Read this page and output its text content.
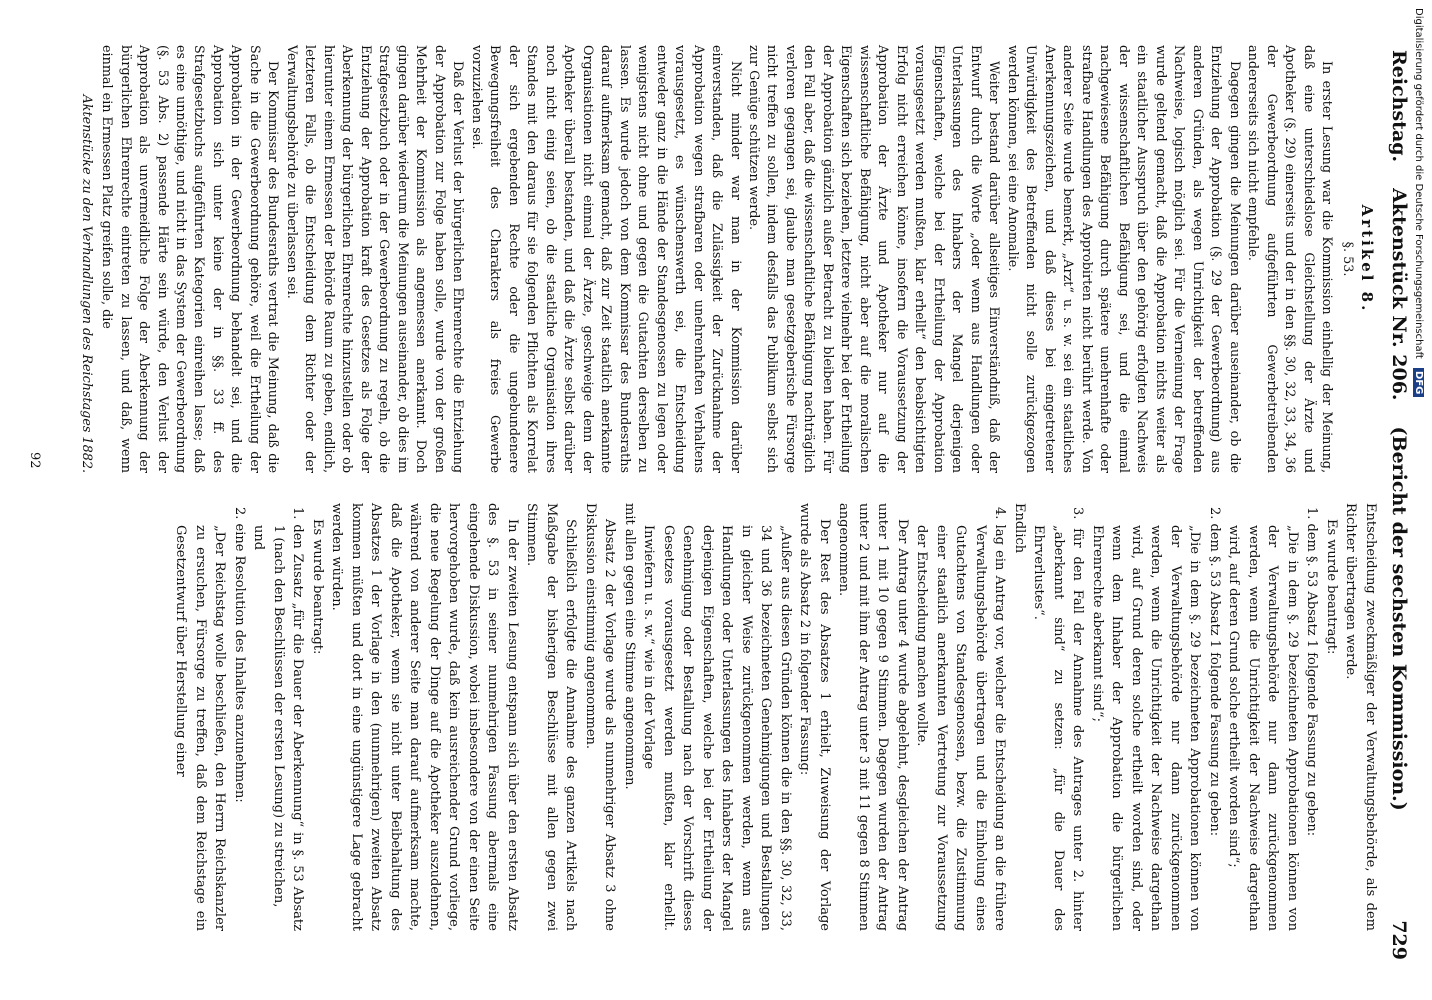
Digitalisierung gefördert durch die Deutsche Forschungsgemeinschaft DFG
Reichstag.
Aktenstück Nr. 206.
(Bericht der sechsten Kommission.)
729
Artikel 8.
§. 53.

In erster Lesung war die Kommission einhellig der Meinung, daß eine unterschiedslose Gleichstellung der Ärzte und Apotheker (§. 29) einerseits und der in den §§. 30, 32, 33, 34, 36 der Gewerbeordnung aufgeführten Gewerbetreibenden andererseits sich nicht empfehle.

Dagegen gingen die Meinungen darüber auseinander, ob die Entziehung der Approbation (§. 29 der Gewerbeordnung) aus anderen Gründen, als wegen Unrichtigkeit der betreffenden Nachweise, logisch möglich sei. Für die Verneinung der Frage wurde geltend gemacht, daß die Approbation nichts weiter als ein staatlicher Ausspruch über den gehörig erfolgten Nachweis der wissenschaftlichen Befähigung sei, und die einmal nachgewiesene Befähigung durch spätere unehrenhafte oder strafbare Handlungen des Approbirten nicht berührt werde. Von anderer Seite wurde bemerkt, „Arzt“ u. s. w. sei ein staatliches Anerkennungszeichen, und daß dieses bei eingetretener Unwürdigkeit des Betreffenden nicht solle zurückgezogen werden können, sei eine Anomalie.

Weiter bestand darüber allseitiges Einverständniß, daß der Entwurf durch die Worte „oder wenn aus Handlungen oder Unterlassungen des Inhabers der Mangel derjenigen Eigenschaften, welche bei der Ertheilung der Approbation vorausgesetzt werden mußten, klar erhellt“ den beabsichtigten Erfolg nicht erreichen könne, insofern die Voraussetzung der Approbation der Ärzte und Apotheker nur auf die wissenschaftliche Befähigung, nicht aber auf die moralischen Eigenschaften sich beziehen, letztere vielmehr bei der Ertheilung der Approbation gänzlich außer Betracht zu bleiben haben. Für den Fall aber, daß die wissenschaftliche Befähigung nachträglich verloren gegangen sei, glaube man gesetzgeberische Fürsorge nicht treffen zu sollen, indem desfalls das Publikum selbst sich zur Genüge schützen werde.

Nicht minder war man in der Kommission darüber einverstanden, daß die Zulässigkeit der Zurücknahme der Approbation wegen strafbaren oder unehrenhaften Verhaltens vorausgesetzt, es wünschenswerth sei, die Entscheidung entweder ganz in die Hände der Standesgenossen zu legen oder wenigstens nicht ohne und gegen die Gutachten derselben zu lassen. Es wurde jedoch von dem Kommissar des Bundesraths darauf aufmerksam gemacht, daß zur Zeit staatlich anerkannte Organisationen nicht einmal der Ärzte, geschweige denn der Apotheker überall bestanden, und daß die Ärzte selbst darüber noch nicht einig seien, ob die staatliche Organisation ihres Standes mit den daraus für sie folgenden Pflichten als Korrelat der sich ergebenden Rechte oder die ungebundenere Bewegungsfreiheit des Charakters als freies Gewerbe vorzuziehen sei.

Daß der Verlust der bürgerlichen Ehrenrechte die Entziehung der Approbation zur Folge haben solle, wurde von der großen Mehrheit der Kommission als angemessen anerkannt. Doch gingen darüber wiederum die Meinungen auseinander, ob dies im Strafgesetzbuch oder in der Gewerbeordnung zu regeln, ob die Entziehung der Approbation kraft des Gesetzes als Folge der Aberkennung der bürgerlichen Ehrenrechte hinzustellen oder ob hierunter einem Ermessen der Behörde Raum zu geben, endlich, letzteren Falls, ob die Entscheidung dem Richter oder der Verwaltungsbehörde zu überlassen sei.

Der Kommissar des Bundesraths vertrat die Meinung, daß die Sache in die Gewerbeordnung gehöre, weil die Ertheilung der Approbation in der Gewerbeordnung behandelt sei, und die Approbation sich unter keine der in §§. 33 ff. des Strafgesetzbuchs aufgeführten Kategorien einreihen lasse; daß es eine unnöthige, und nicht in das System der Gewerbeordnung (§. 53 Abs. 2) passende Härte sein würde, den Verlust der Approbation als unvermeidliche Folge der Aberkennung der bürgerlichen Ehrenrechte eintreten zu lassen, und daß, wenn einmal ein Ermessen Platz greifen solle, die

Aktenstücke zu den Verhandlungen des Reichstages 1882.

Entscheidung zweckmäßiger der Verwaltungsbehörde, als dem Richter übertragen werde.

Es wurde beantragt:

1. dem §. 53 Absatz 1 folgende Fassung zu geben:

„Die in dem §. 29 bezeichneten Approbationen können von der Verwaltungsbehörde nur dann zurückgenommen werden, wenn die Unrichtigkeit der Nachweise dargethan wird, auf deren Grund solche ertheilt worden sind“;

2. dem §. 53 Absatz 1 folgende Fassung zu geben:

„Die in dem §. 29 bezeichneten Approbationen können von der Verwaltungsbehörde nur dann zurückgenommen werden, wenn die Unrichtigkeit der Nachweise dargethan wird, auf Grund deren solche ertheilt worden sind, oder wenn dem Inhaber der Approbation die bürgerlichen Ehrenrechte aberkannt sind“;

3. für den Fall der Annahme des Antrages unter 2. hinter „aberkannt sind“ zu setzen: „für die Dauer des Ehrverlustes“.

Endlich

4. lag ein Antrag vor, welcher die Entscheidung an die frühere Verwaltungsbehörde übertragen und die Einholung eines Gutachtens von Standesgenossen, bezw. die Zustimmung einer staatlich anerkannten Vertretung zur Voraussetzung der Entscheidung machen wollte.

Der Antrag unter 4 wurde abgelehnt, desgleichen der Antrag unter 1 mit 10 gegen 9 Stimmen. Dagegen wurden der Antrag unter 2 und mit ihm der Antrag unter 3 mit 11 gegen 8 Stimmen angenommen.

Der Rest des Absatzes 1 erhielt, Zuweisung der Vorlage wurde als Absatz 2 in folgender Fassung:

„Außer aus diesen Gründen können die in den §§. 30, 32, 33, 34 und 36 bezeichneten Genehmigungen und Bestallungen in gleicher Weise zurückgenommen werden, wenn aus Handlungen oder Unterlassungen des Inhabers der Mangel derjenigen Eigenschaften, welche bei der Ertheilung der Genehmigung oder Bestallung nach der Vorschrift dieses Gesetzes vorausgesetzt werden mußten, klar erhellt. Inwiefern u. s. w.“ wie in der Vorlage

mit allen gegen eine Stimme angenommen.

Absatz 2 der Vorlage wurde als nunmehriger Absatz 3 ohne Diskussion einstimmig angenommen.

Schließlich erfolgte die Annahme des ganzen Artikels nach Maßgabe der bisherigen Beschlüsse mit allen gegen zwei Stimmen.

In der zweiten Lesung entspann sich über den ersten Absatz des §. 53 in seiner nunmehrigen Fassung abermals eine eingehende Diskussion, wobei insbesondere von der einen Seite hervorgehoben wurde, daß kein ausreichender Grund vorliege, die neue Regelung der Dinge auf die Apotheker auszudehnen, während von anderer Seite man darauf aufmerksam machte, daß die Apotheker, wenn sie nicht unter Beibehaltung des Absatzes 1 der Vorlage in den (nunmehrigen) zweiten Absatz kommen müßten und dort in eine ungünstigere Lage gebracht werden würden.

Es wurde beantragt:

1. den Zusatz „für die Dauer der Aberkennung“ in §. 53 Absatz 1 (nach den Beschlüssen der ersten Lesung) zu streichen,

und

2. eine Resolution des Inhaltes anzunehmen:

„Der Reichstag wolle beschließen, den Herrn Reichskanzler zu ersuchen, Fürsorge zu treffen, daß dem Reichstage ein Gesetzentwurf über Herstellung einer

92
